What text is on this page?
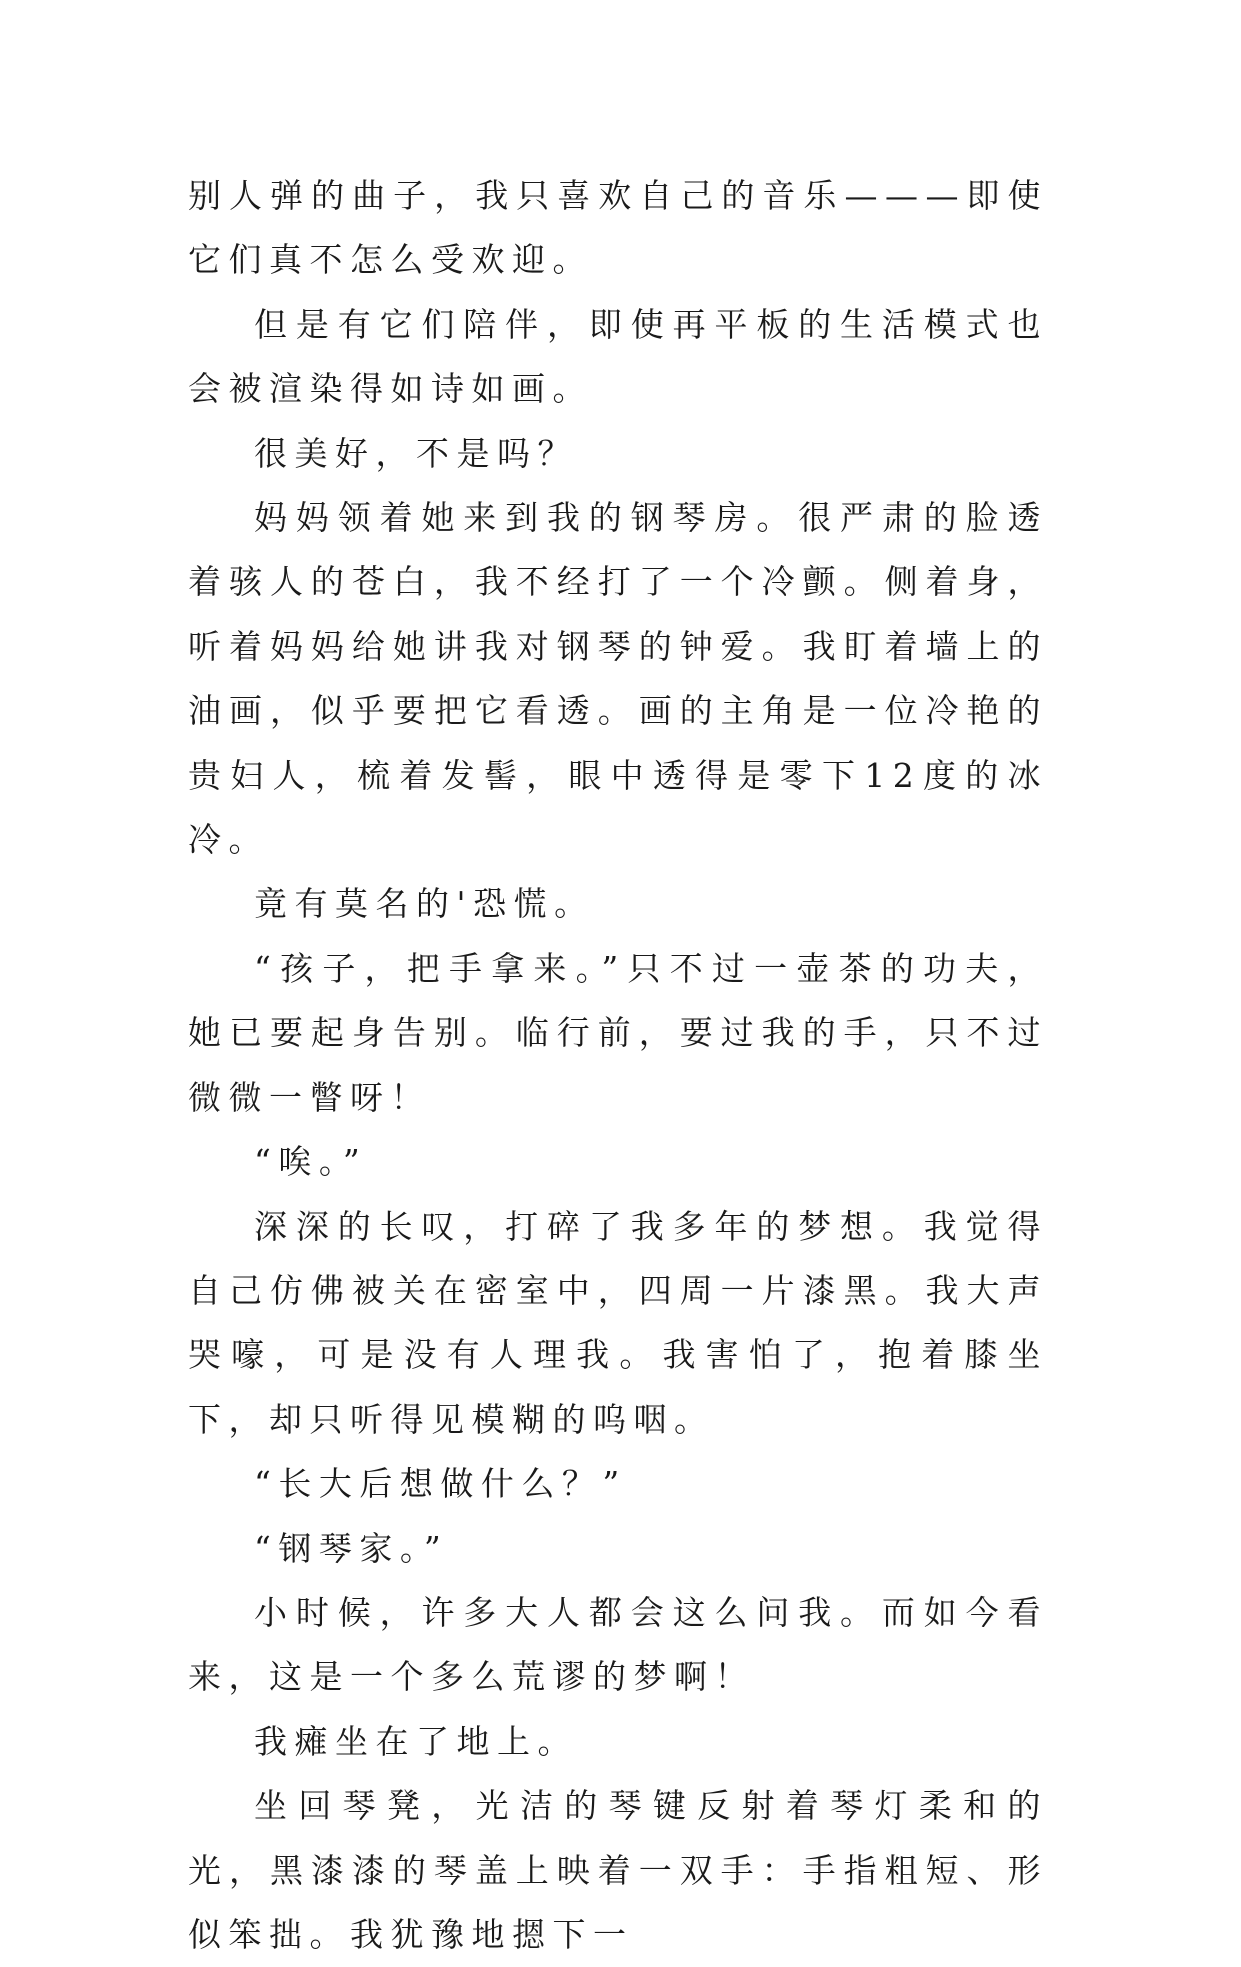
别人弹的曲子，我只喜欢自己的音乐———即使它们真不怎么受欢迎。

但是有它们陪伴，即使再平板的生活模式也会被渲染得如诗如画。

很美好，不是吗？

妈妈领着她来到我的钢琴房。很严肃的脸透着骇人的苍白，我不经打了一个冷颤。侧着身，听着妈妈给她讲我对钢琴的钟爱。我盯着墙上的油画，似乎要把它看透。画的主角是一位冷艳的贵妇人，梳着发髻，眼中透得是零下12度的冰冷。

竟有莫名的'恐慌。

“孩子，把手拿来。”只不过一壶茶的功夫，她已要起身告别。临行前，要过我的手，只不过微微一瞥呀！

“唉。”

深深的长叹，打碎了我多年的梦想。我觉得自己仿佛被关在密室中，四周一片漆黑。我大声哭嚎，可是没有人理我。我害怕了，抱着膝坐下，却只听得见模糊的呜咽。

“长大后想做什么？”

“钢琴家。”

小时候，许多大人都会这么问我。而如今看来，这是一个多么荒谬的梦啊！

我瘫坐在了地上。

坐回琴凳，光洁的琴键反射着琴灯柔和的光，黑漆漆的琴盖上映着一双手：手指粗短、形似笨拙。我犹豫地摁下一
